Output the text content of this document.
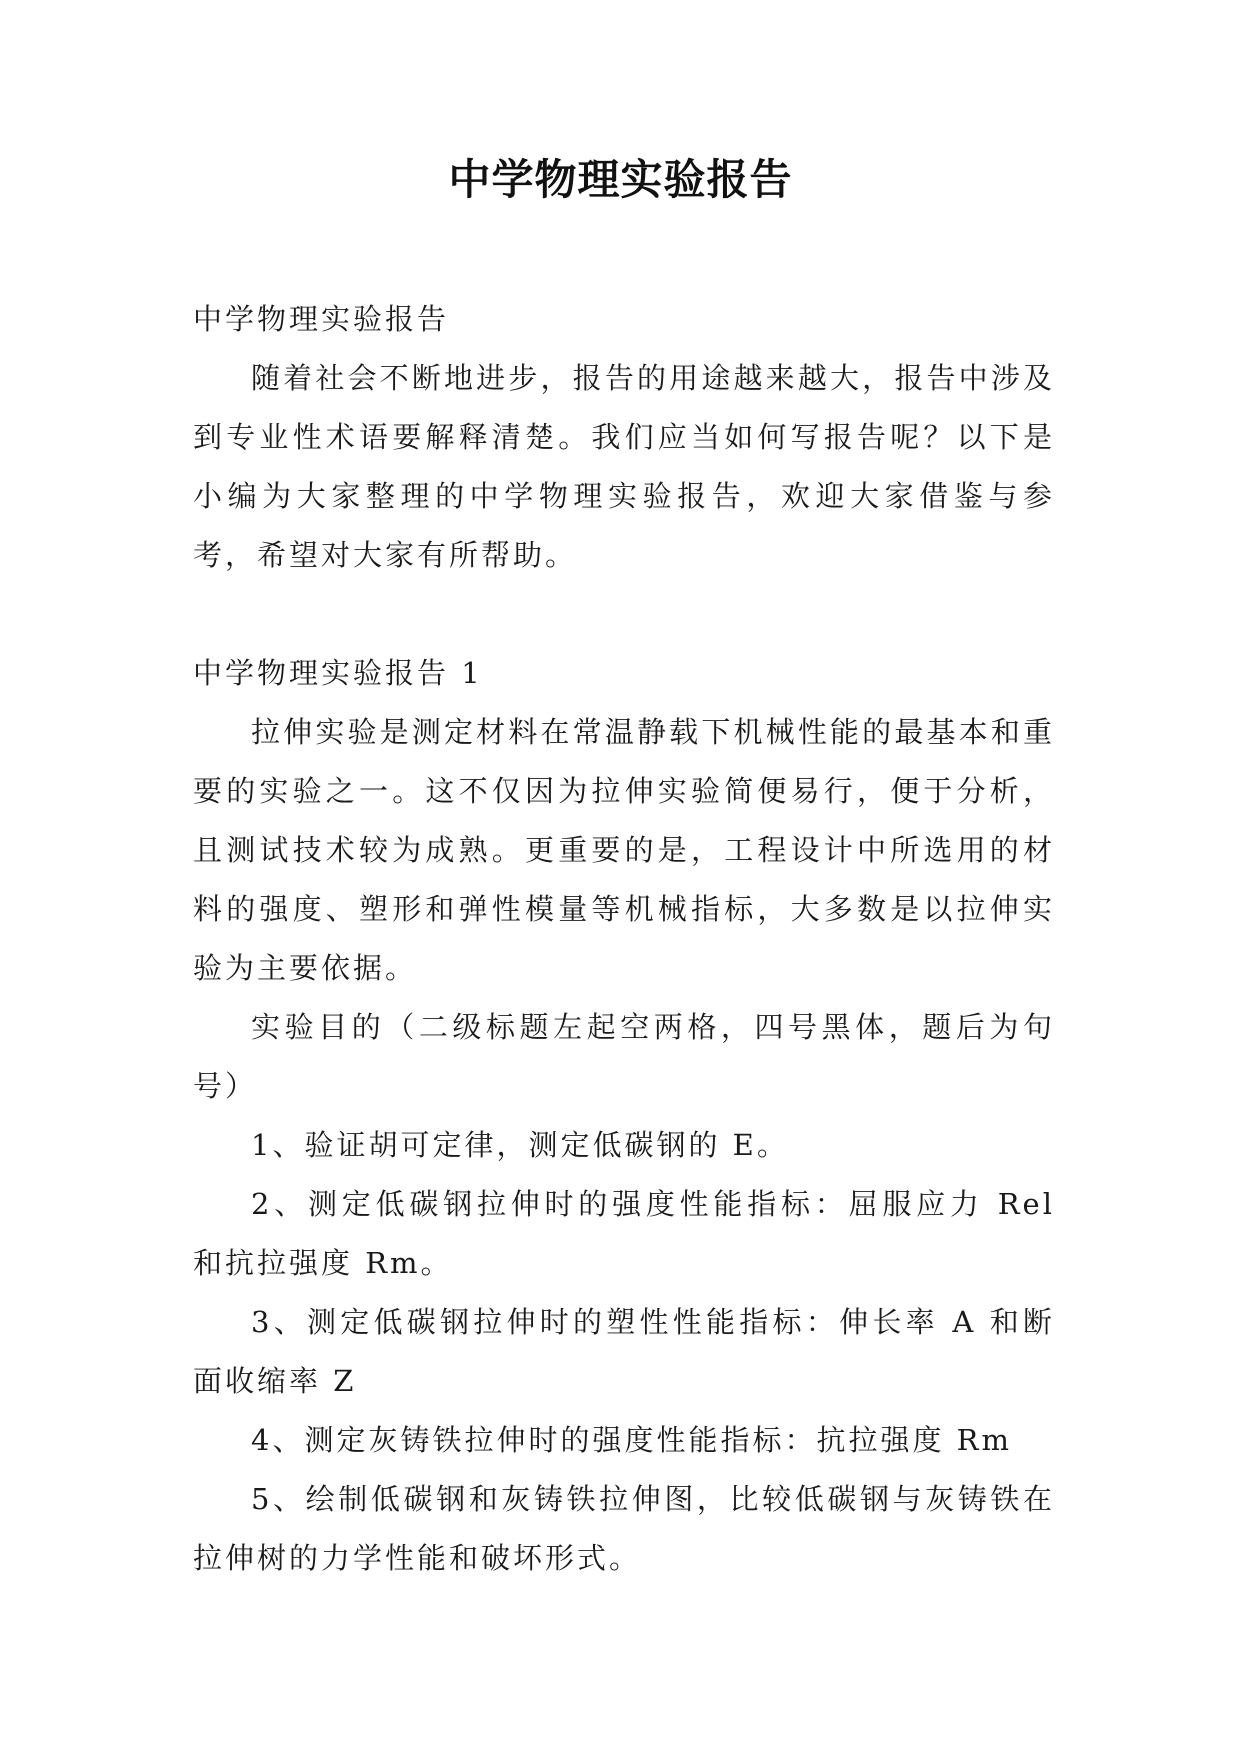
中学物理实验报告

中学物理实验报告

随着社会不断地进步，报告的用途越来越大，报告中涉及到专业性术语要解释清楚。我们应当如何写报告呢？以下是小编为大家整理的中学物理实验报告，欢迎大家借鉴与参考，希望对大家有所帮助。

中学物理实验报告 1

拉伸实验是测定材料在常温静载下机械性能的最基本和重要的实验之一。这不仅因为拉伸实验简便易行，便于分析，且测试技术较为成熟。更重要的是，工程设计中所选用的材料的强度、塑形和弹性模量等机械指标，大多数是以拉伸实验为主要依据。

实验目的（二级标题左起空两格，四号黑体，题后为句号）

1、验证胡可定律，测定低碳钢的 E。

2、测定低碳钢拉伸时的强度性能指标：屈服应力 Rel 和抗拉强度 Rm。

3、测定低碳钢拉伸时的塑性性能指标：伸长率 A 和断面收缩率 Z

4、测定灰铸铁拉伸时的强度性能指标：抗拉强度 Rm

5、绘制低碳钢和灰铸铁拉伸图，比较低碳钢与灰铸铁在拉伸树的力学性能和破坏形式。
